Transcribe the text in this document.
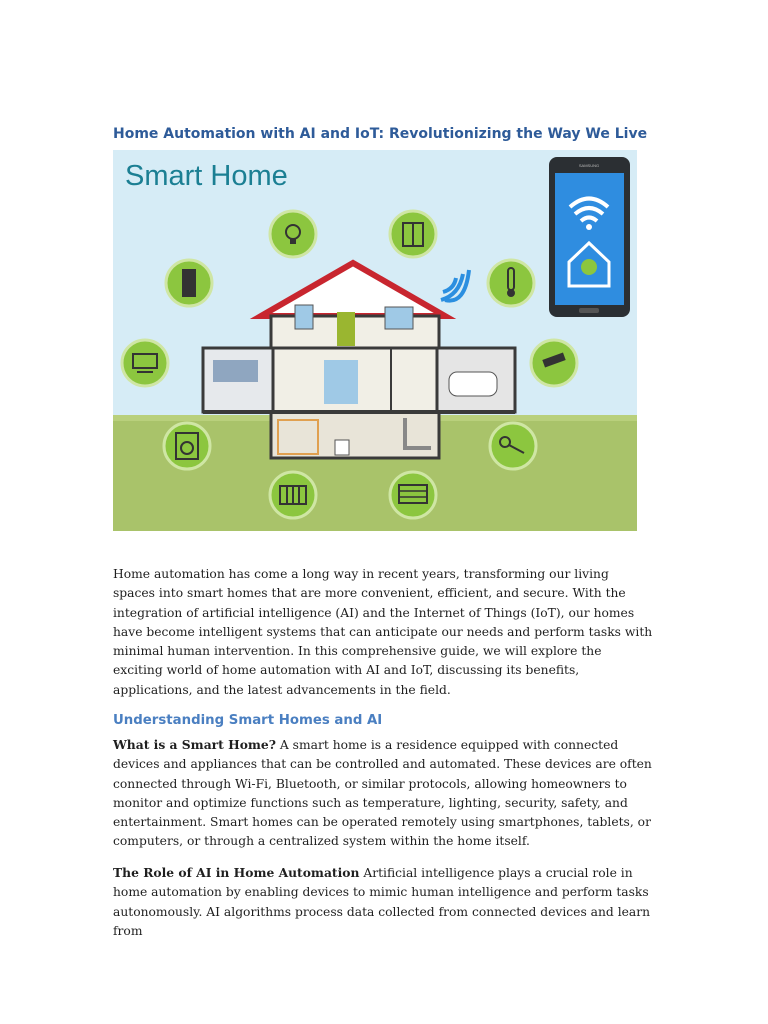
Home Automation with AI and IoT: Revolutionizing the Way We Live
Smart Home	SAMSUNG

Home automation has come a long way in recent years, transforming our living spaces into smart homes that are more convenient, efficient, and secure. With the integration of artificial intelligence (AI) and the Internet of Things (IoT), our homes have become intelligent systems that can anticipate our needs and perform tasks with minimal human intervention. In this comprehensive guide, we will explore the exciting world of home automation with AI and IoT, discussing its benefits, applications, and the latest advancements in the field.

Understanding Smart Homes and AI

What is a Smart Home? A smart home is a residence equipped with connected devices and appliances that can be controlled and automated. These devices are often connected through Wi-Fi, Bluetooth, or similar protocols, allowing homeowners to monitor and optimize functions such as temperature, lighting, security, safety, and entertainment. Smart homes can be operated remotely using smartphones, tablets, or computers, or through a centralized system within the home itself.

The Role of AI in Home Automation Artificial intelligence plays a crucial role in home automation by enabling devices to mimic human intelligence and perform tasks autonomously. AI algorithms process data collected from connected devices and learn from
